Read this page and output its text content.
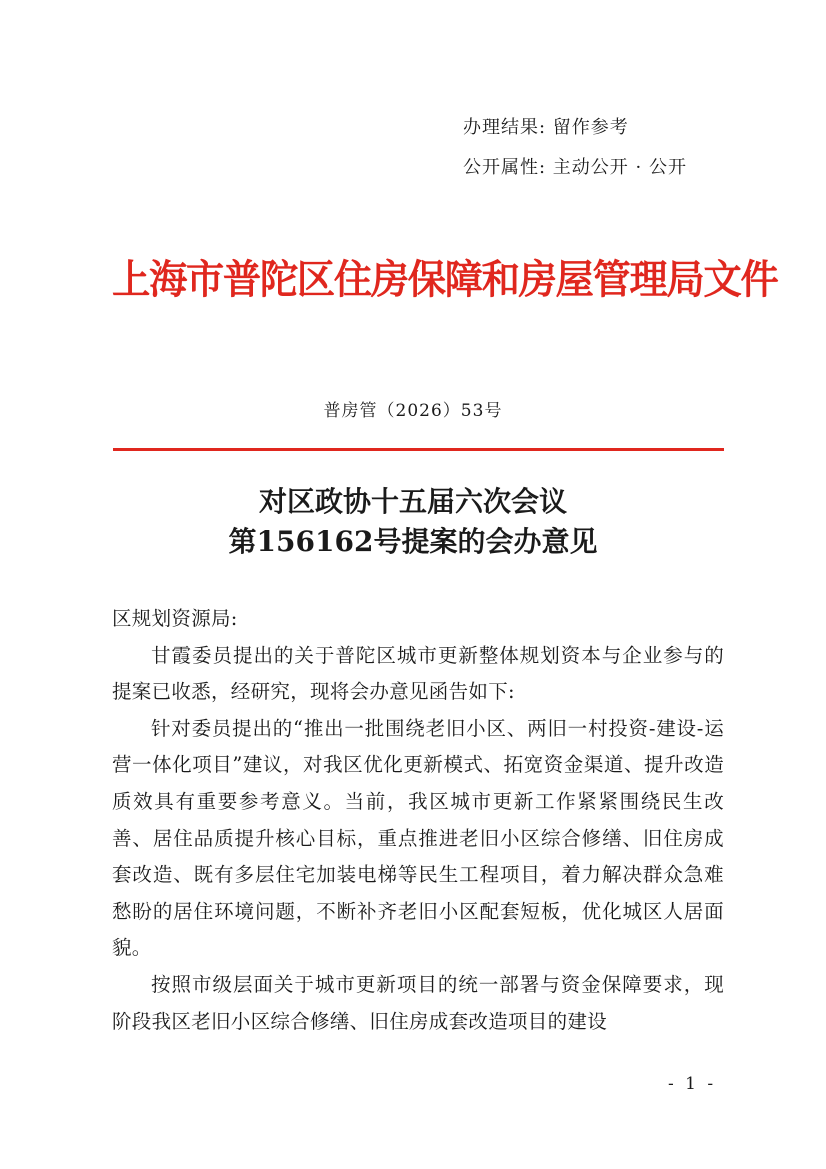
办理结果: 留作参考
公开属性: 主动公开 · 公开
上海市普陀区住房保障和房屋管理局文件
普房管（2026）53号
对区政协十五届六次会议
第156162号提案的会办意见

区规划资源局:

甘霞委员提出的关于普陀区城市更新整体规划资本与企业参与的提案已收悉，经研究，现将会办意见函告如下:

针对委员提出的“推出一批围绕老旧小区、两旧一村投资-建设-运营一体化项目”建议，对我区优化更新模式、拓宽资金渠道、提升改造质效具有重要参考意义。当前，我区城市更新工作紧紧围绕民生改善、居住品质提升核心目标，重点推进老旧小区综合修缮、旧住房成套改造、既有多层住宅加装电梯等民生工程项目，着力解决群众急难愁盼的居住环境问题，不断补齐老旧小区配套短板，优化城区人居面貌。

按照市级层面关于城市更新项目的统一部署与资金保障要求，现阶段我区老旧小区综合修缮、旧住房成套改造项目的建设

- 1 -
